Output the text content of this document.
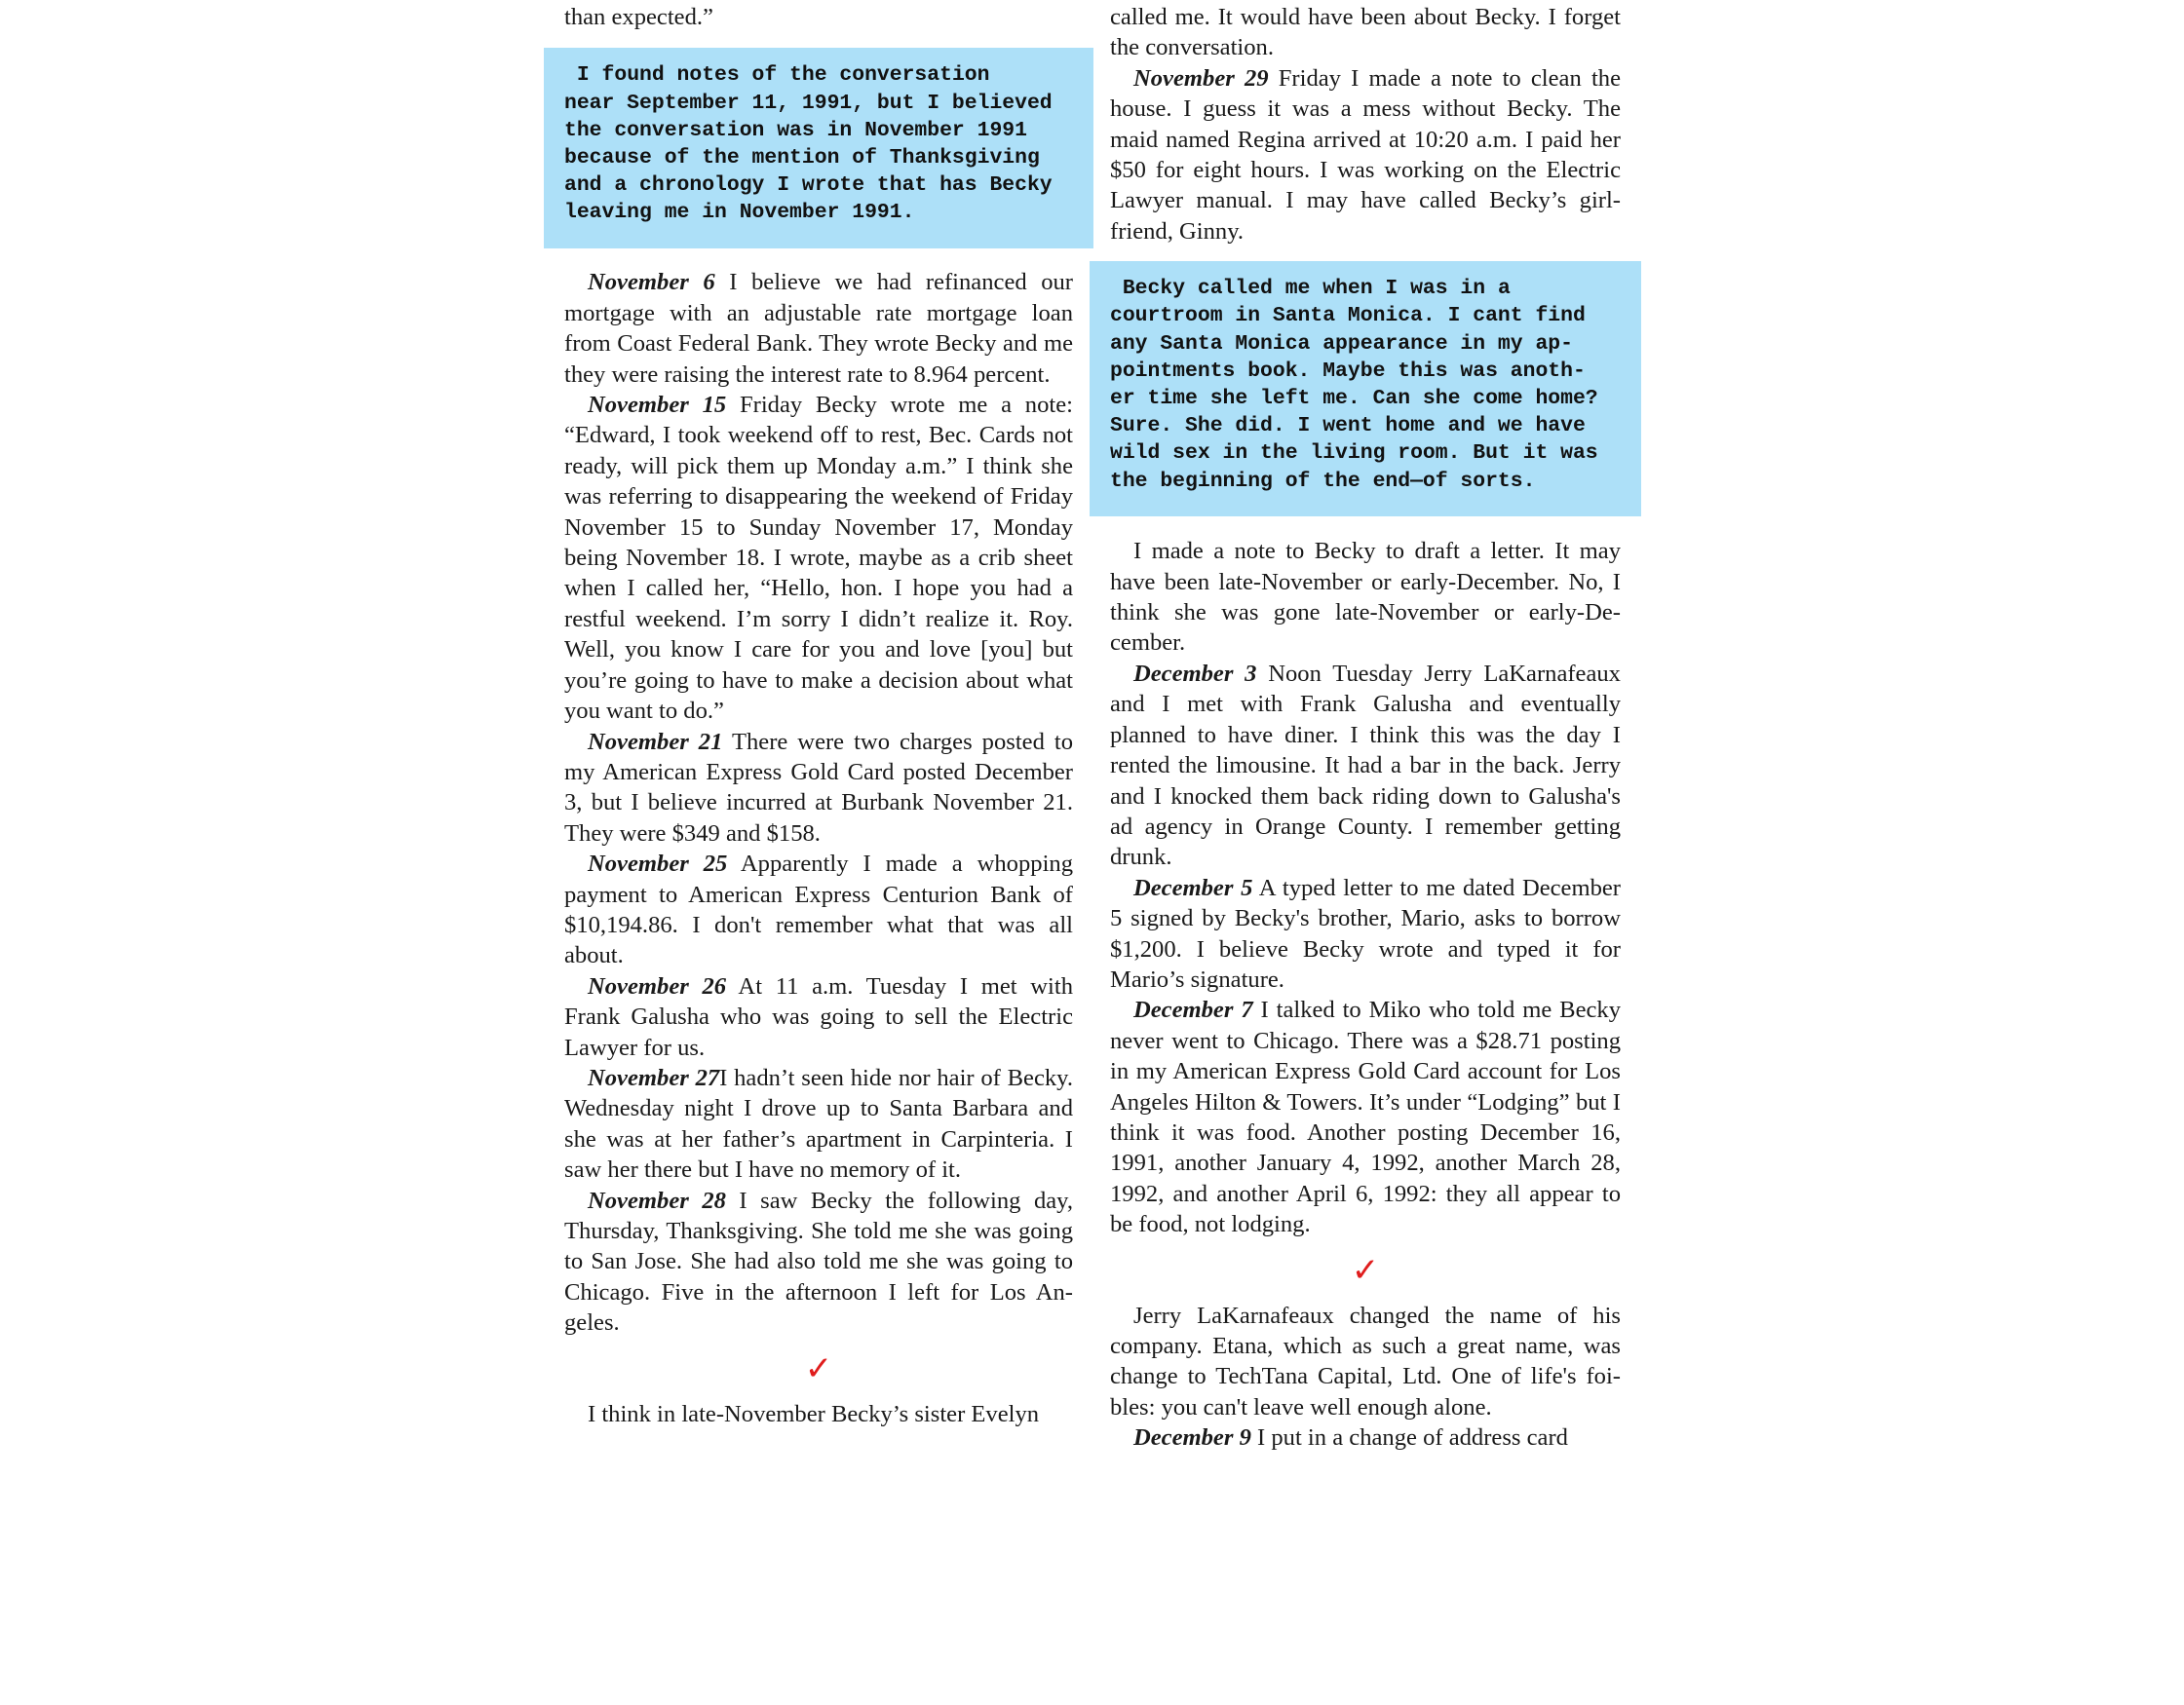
than expected.”

I found notes of the conversation
near September 11, 1991, but I believed
the conversation was in November 1991
because of the mention of Thanksgiving
and a chronology I wrote that has Becky
leaving me in November 1991.

November 6 I believe we had refinanced our mortgage with an adjustable rate mortgage loan from Coast Federal Bank. They wrote Becky and me they were raising the interest rate to 8.964 percent.

November 15 Friday Becky wrote me a note: “Edward, I took weekend off to rest, Bec. Cards not ready, will pick them up Monday a.m.” I think she was referring to disappearing the weekend of Friday November 15 to Sunday November 17, Monday being November 18. I wrote, maybe as a crib sheet when I called her, “Hello, hon. I hope you had a restful weekend. I’m sorry I didn’t realize it. Roy. Well, you know I care for you and love [you] but you’re going to have to make a decision about what you want to do.”

November 21 There were two charges posted to my American Express Gold Card posted December 3, but I believe incurred at Burbank November 21. They were $349 and $158.

November 25 Apparently I made a whopping payment to American Express Centurion Bank of $10,194.86. I don't remember what that was all about.

November 26 At 11 a.m. Tuesday I met with Frank Galusha who was going to sell the Electric Lawyer for us.

November 27I hadn’t seen hide nor hair of Becky. Wednesday night I drove up to Santa Barbara and she was at her father’s apartment in Carpinteria. I saw her there but I have no memory of it.

November 28 I saw Becky the following day, Thursday, Thanksgiving. She told me she was going to San Jose. She had also told me she was going to Chicago. Five in the afternoon I left for Los Angeles.

✓

I think in late-November Becky’s sister Evelyn

called me. It would have been about Becky. I forget the conversation.

November 29 Friday I made a note to clean the house. I guess it was a mess without Becky. The maid named Regina arrived at 10:20 a.m. I paid her $50 for eight hours. I was working on the Electric Lawyer manual. I may have called Becky’s girlfriend, Ginny.

Becky called me when I was in a
courtroom in Santa Monica. I cant find
any Santa Monica appearance in my ap-
pointments book. Maybe this was anoth-
er time she left me. Can she come home?
Sure. She did. I went home and we have
wild sex in the living room. But it was
the beginning of the end—of sorts.

I made a note to Becky to draft a letter. It may have been late-November or early-December. No, I think she was gone late-November or early-December.

December 3 Noon Tuesday Jerry LaKarnafeaux and I met with Frank Galusha and eventually planned to have diner. I think this was the day I rented the limousine. It had a bar in the back. Jerry and I knocked them back riding down to Galusha's ad agency in Orange County. I remember getting drunk.

December 5 A typed letter to me dated December 5 signed by Becky's brother, Mario, asks to borrow $1,200. I believe Becky wrote and typed it for Mario’s signature.

December 7 I talked to Miko who told me Becky never went to Chicago. There was a $28.71 posting in my American Express Gold Card account for Los Angeles Hilton & Towers. It’s under “Lodging” but I think it was food. Another posting December 16, 1991, another January 4, 1992, another March 28, 1992, and another April 6, 1992: they all appear to be food, not lodging.

✓

Jerry LaKarnafeaux changed the name of his company. Etana, which as such a great name, was change to TechTana Capital, Ltd. One of life's foibles: you can't leave well enough alone.

December 9 I put in a change of address card
